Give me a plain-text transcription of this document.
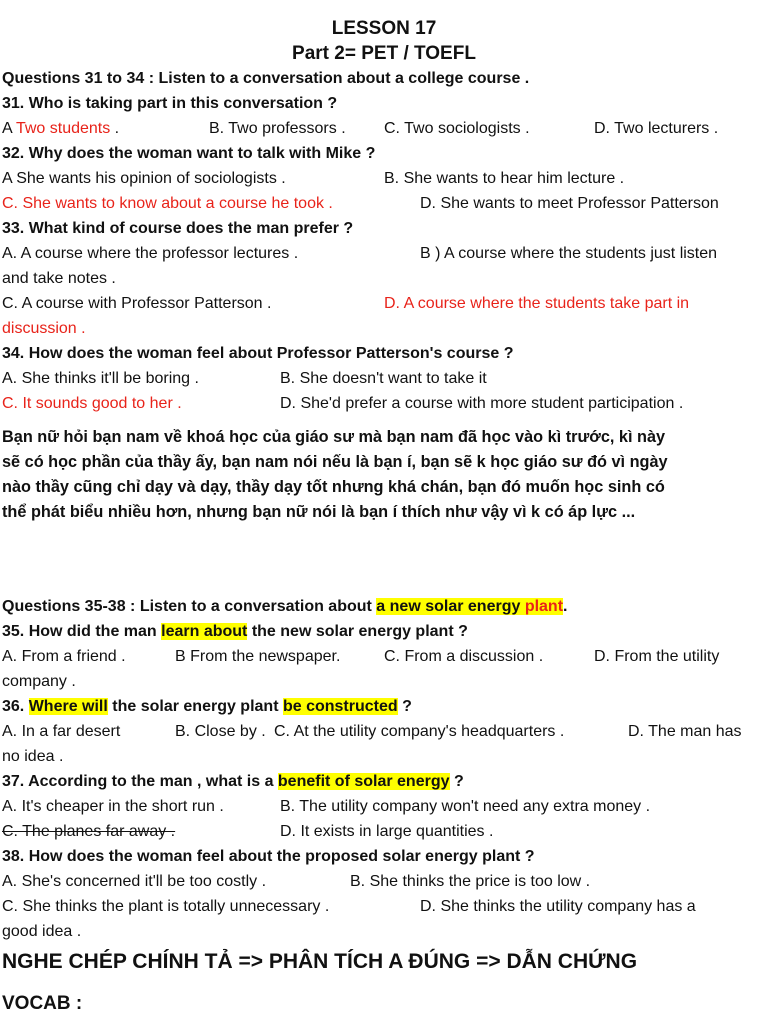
LESSON 17
Part 2= PET / TOEFL
Questions 31 to 34 : Listen to a conversation about a college course .
31. Who is taking part in this conversation ?
A Two students .	B. Two professors . C. Two sociologists .	D. Two lecturers .
32. Why does the woman want to talk with Mike ?
A She wants his opinion of sociologists .	B. She wants to hear him lecture .
C. She wants to know about a course he took .	D. She wants to meet Professor Patterson
33. What kind of course does the man prefer ?
A. A course where the professor lectures .	B ) A course where the students just listen
and take notes .
C. A course with Professor Patterson .	D. A course where the students take part in
discussion .
34. How does the woman feel about Professor Patterson's course ?
A. She thinks it'll be boring .	B. She doesn't want to take it
C. It sounds good to her .	D. She'd prefer a course with more student participation .
Bạn nữ hỏi bạn nam về khoá học của giáo sư mà bạn nam đã học vào kì trước, kì này
sẽ có học phần của thầy ấy, bạn nam nói nếu là bạn í, bạn sẽ k học giáo sư đó vì ngày
nào thầy cũng chỉ dạy và dạy, thầy dạy tốt nhưng khá chán, bạn đó muốn học sinh có
thể phát biểu nhiều hơn, nhưng bạn nữ nói là bạn í thích như vậy vì k có áp lực ...
Questions 35-38 : Listen to a conversation about a new solar energy plant.
35. How did the man learn about the new solar energy plant ?
A. From a friend .	B From the newspaper.	C. From a discussion .	D. From the utility
company .
36. Where will the solar energy plant be constructed ?
A. In a far desert	B. Close by . C. At the utility company's headquarters .	D. The man has
no idea .
37. According to the man , what is a benefit of solar energy ?
A. It's cheaper in the short run .	B. The utility company won't need any extra money .
C. The planes far away .	D. It exists in large quantities .
38. How does the woman feel about the proposed solar energy plant ?
A. She's concerned it'll be too costly .	B. She thinks the price is too low .
C. She thinks the plant is totally unnecessary .	D. She thinks the utility company has a
good idea .
NGHE CHÉP CHÍNH TẢ => PHÂN TÍCH A ĐÚNG => DẪN CHỨNG
VOCAB :
